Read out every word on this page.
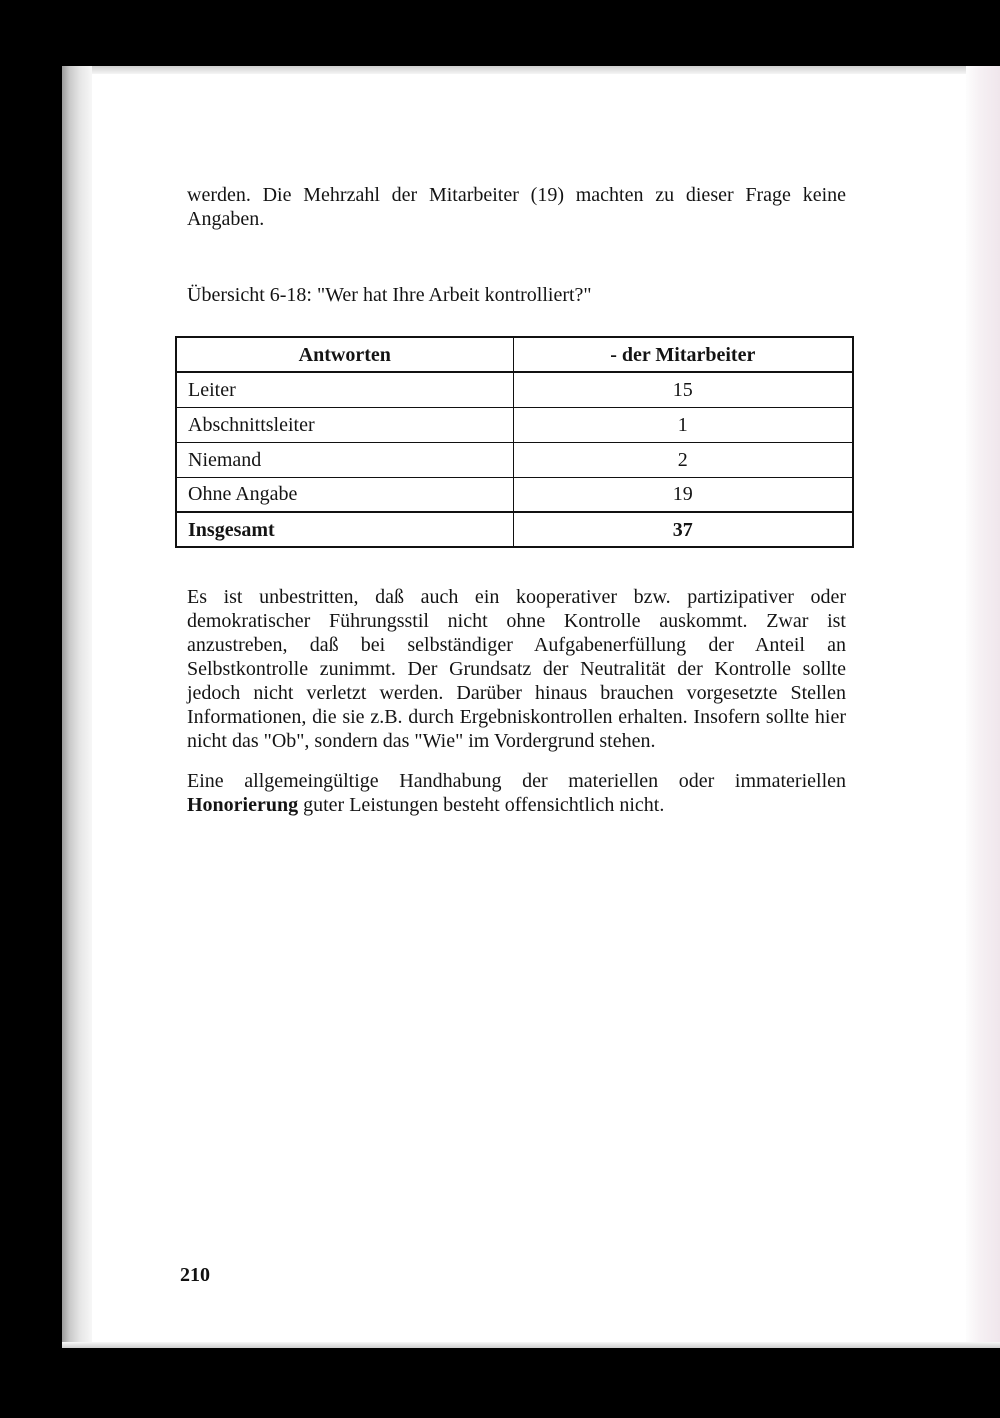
werden. Die Mehrzahl der Mitarbeiter (19) machten zu dieser Frage keine Angaben.

Übersicht 6-18: "Wer hat Ihre Arbeit kontrolliert?"

Antworten	- der Mitarbeiter
Leiter	15
Abschnittsleiter	1
Niemand	2
Ohne Angabe	19
Insgesamt	37

Es ist unbestritten, daß auch ein kooperativer bzw. partizipativer oder demokratischer Führungsstil nicht ohne Kontrolle auskommt. Zwar ist anzustreben, daß bei selbständiger Aufgabenerfüllung der Anteil an Selbstkontrolle zunimmt. Der Grundsatz der Neutralität der Kontrolle sollte jedoch nicht verletzt werden. Darüber hinaus brauchen vorgesetzte Stellen Informationen, die sie z.B. durch Ergebniskontrollen erhalten. Insofern sollte hier nicht das "Ob", sondern das "Wie" im Vordergrund stehen.

Eine allgemeingültige Handhabung der materiellen oder immateriellen Honorierung guter Leistungen besteht offensichtlich nicht.

210
